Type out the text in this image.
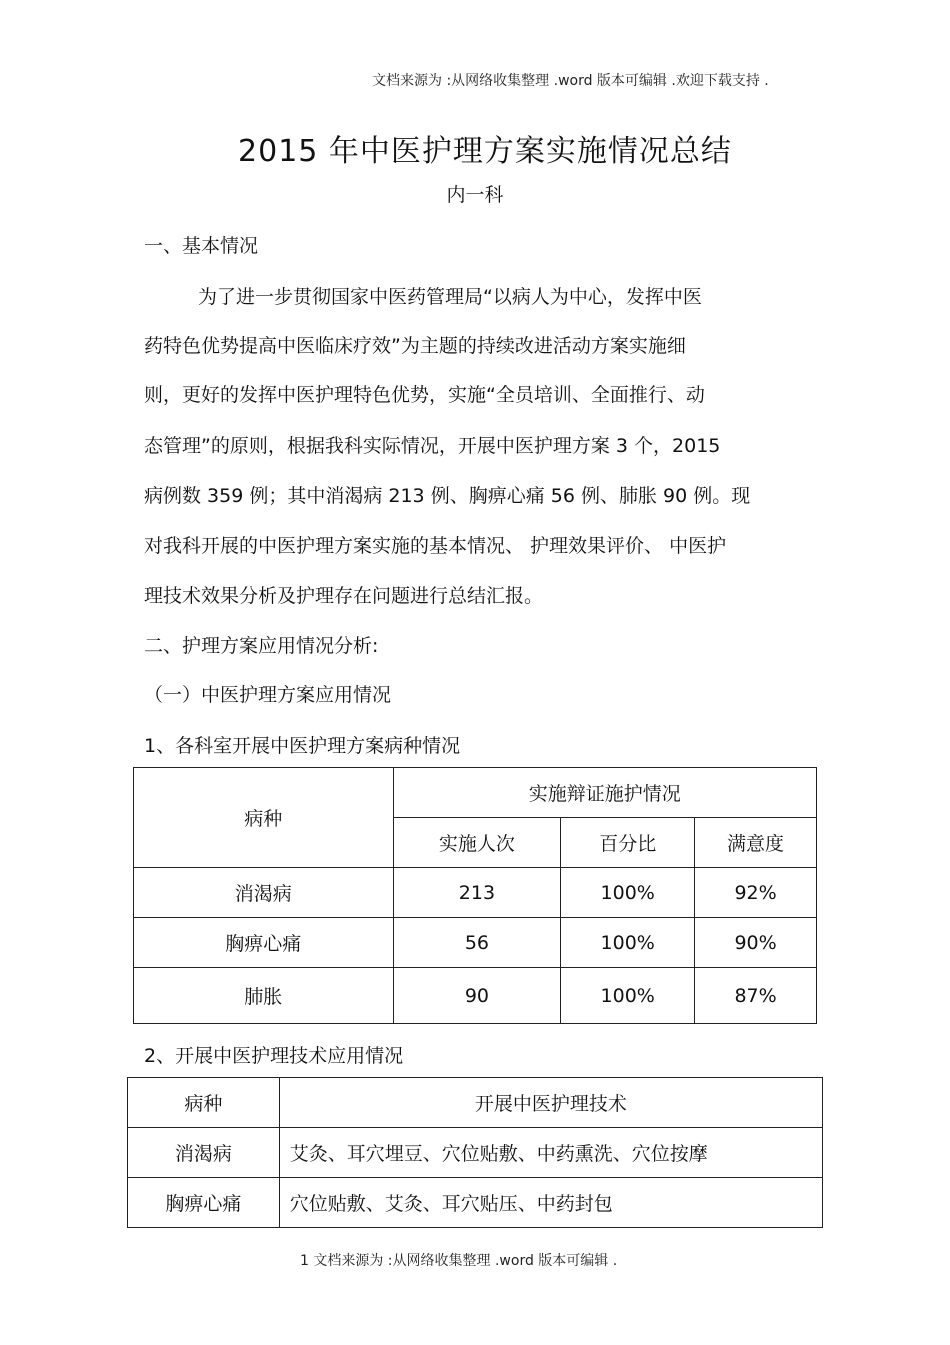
文档来源为 :从网络收集整理 .word 版本可编辑 .欢迎下载支持 .
2015 年中医护理方案实施情况总结
内一科
一、基本情况
为了进一步贯彻国家中医药管理局“以病人为中心，发挥中医
药特色优势提高中医临床疗效”为主题的持续改进活动方案实施细
则，更好的发挥中医护理特色优势，实施“全员培训、全面推行、动
态管理”的原则，根据我科实际情况，开展中医护理方案 3 个，2015
病例数 359 例；其中消渴病 213 例、胸痹心痛 56 例、肺胀 90 例。现
对我科开展的中医护理方案实施的基本情况、 护理效果评价、 中医护
理技术效果分析及护理存在问题进行总结汇报。
二、护理方案应用情况分析:
（一）中医护理方案应用情况
1、各科室开展中医护理方案病种情况
病种	实施辩证施护情况		
	实施人次	百分比	满意度
消渴病	213	100%	92%
胸痹心痛	56	100%	90%
肺胀	90	100%	87%
2、开展中医护理技术应用情况
病种	开展中医护理技术
消渴病	艾灸、耳穴埋豆、穴位贴敷、中药熏洗、穴位按摩
胸痹心痛	穴位贴敷、艾灸、耳穴贴压、中药封包
1 文档来源为 :从网络收集整理 .word 版本可编辑 .
